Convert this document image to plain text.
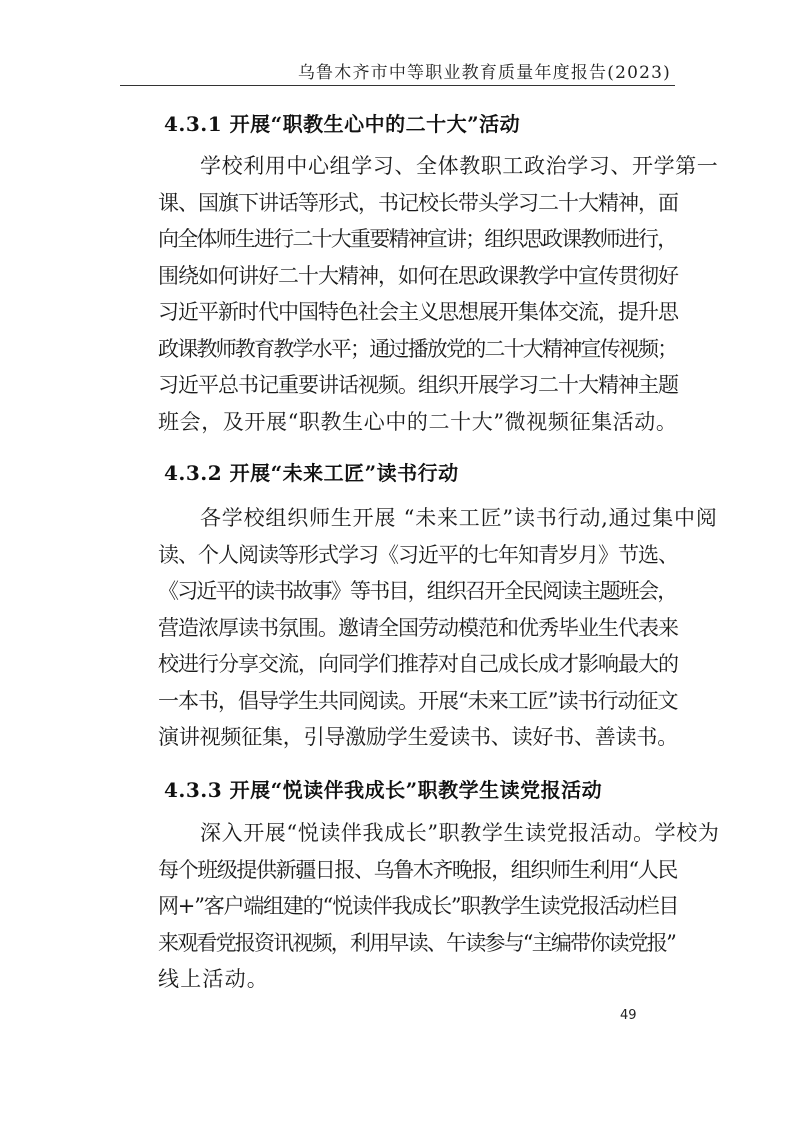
乌鲁木齐市中等职业教育质量年度报告(2023)
4.3.1 开展“职教生心中的二十大”活动
学校利用中心组学习、全体教职工政治学习、开学第一
课、国旗下讲话等形式，书记校长带头学习二十大精神，面
向全体师生进行二十大重要精神宣讲；组织思政课教师进行，
围绕如何讲好二十大精神，如何在思政课教学中宣传贯彻好
习近平新时代中国特色社会主义思想展开集体交流，提升思
政课教师教育教学水平；通过播放党的二十大精神宣传视频；
习近平总书记重要讲话视频。组织开展学习二十大精神主题
班会，及开展“职教生心中的二十大”微视频征集活动。
4.3.2 开展“未来工匠”读书行动
各学校组织师生开展 “未来工匠”读书行动,通过集中阅
读、个人阅读等形式学习《习近平的七年知青岁月》节选、
《习近平的读书故事》等书目，组织召开全民阅读主题班会，
营造浓厚读书氛围。邀请全国劳动模范和优秀毕业生代表来
校进行分享交流，向同学们推荐对自己成长成才影响最大的
一本书，倡导学生共同阅读。开展“未来工匠”读书行动征文
演讲视频征集，引导激励学生爱读书、读好书、善读书。
4.3.3 开展“悦读伴我成长”职教学生读党报活动
深入开展“悦读伴我成长”职教学生读党报活动。学校为
每个班级提供新疆日报、乌鲁木齐晚报，组织师生利用“人民
网+”客户端组建的“悦读伴我成长”职教学生读党报活动栏目
来观看党报资讯视频，利用早读、午读参与“主编带你读党报”
线上活动。
49
